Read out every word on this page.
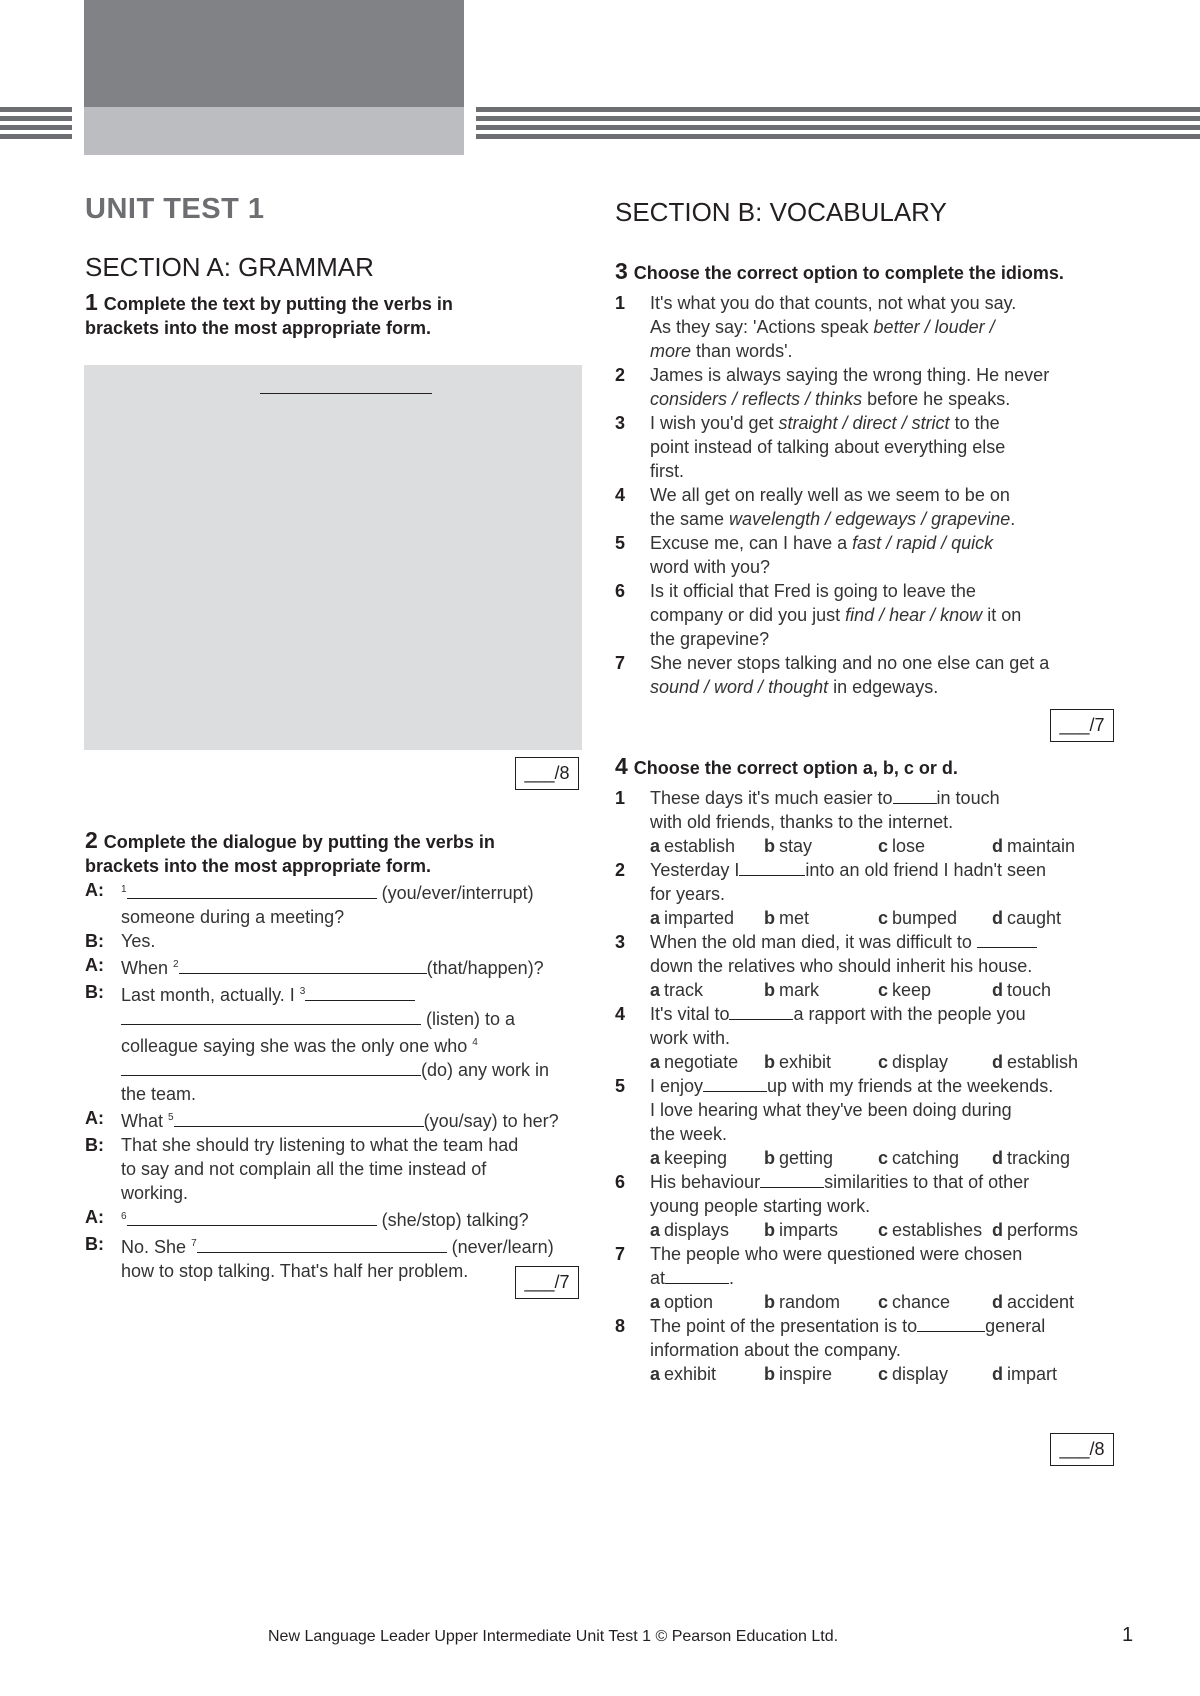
UNIT TEST 1
SECTION A: GRAMMAR
1 Complete the text by putting the verbs in brackets into the most appropriate form.
___/8
2 Complete the dialogue by putting the verbs in brackets into the most appropriate form.
A: $^1$	(you/ever/interrupt)
someone during a meeting?
B: Yes.
A: When $^2$	(that/happen)?
B: Last month, actually. I $^3$
(listen) to a
colleague saying she was the only one who $^4$
(do) any work in
the team.
A: What $^5$	(you/say) to her?
B: That she should try listening to what the team had
to say and not complain all the time instead of
working.
A: $^6$	(she/stop) talking?
B: No. She $^7$	(never/learn)
how to stop talking. That's half her problem.
___/7
SECTION B: VOCABULARY
3 Choose the correct option to complete the idioms.
1 It's what you do that counts, not what you say.
As they say: 'Actions speak better / louder /
more than words'.
2 James is always saying the wrong thing. He never
considers / reflects / thinks before he speaks.
3 I wish you'd get straight / direct / strict to the
point instead of talking about everything else
first.
4 We all get on really well as we seem to be on
the same wavelength / edgeways / grapevine.
5 Excuse me, can I have a fast / rapid / quick
word with you?
6 Is it official that Fred is going to leave the
company or did you just find / hear / know it on
the grapevine?
7 She never stops talking and no one else can get a
sound / word / thought in edgeways.
___/7
4 Choose the correct option a, b, c or d.
1 These days it's much easier to in touch
with old friends, thanks to the internet.
a establish	b stay	c lose	d maintain
2 Yesterday I	into an old friend I hadn't seen
for years.
a imparted	b met	c bumped	d caught
3 When the old man died, it was difficult to
down the relatives who should inherit his house.
a track	b mark	c keep	d touch
4 It's vital to	a rapport with the people you
work with.
a negotiate	b exhibit	c display	d establish
5 I enjoy	up with my friends at the weekends.
I love hearing what they've been doing during
the week.
a keeping	b getting	c catching	d tracking
6 His behaviour	similarities to that of other
young people starting work.
a displays	b imparts	c establishes d performs
7 The people who were questioned were chosen
at	.
a option	b random	c chance	d accident
8 The point of the presentation is to	general
information about the company.
a exhibit	b inspire	c display	d impart
___/8
New Language Leader Upper Intermediate Unit Test 1 © Pearson Education Ltd.	1
